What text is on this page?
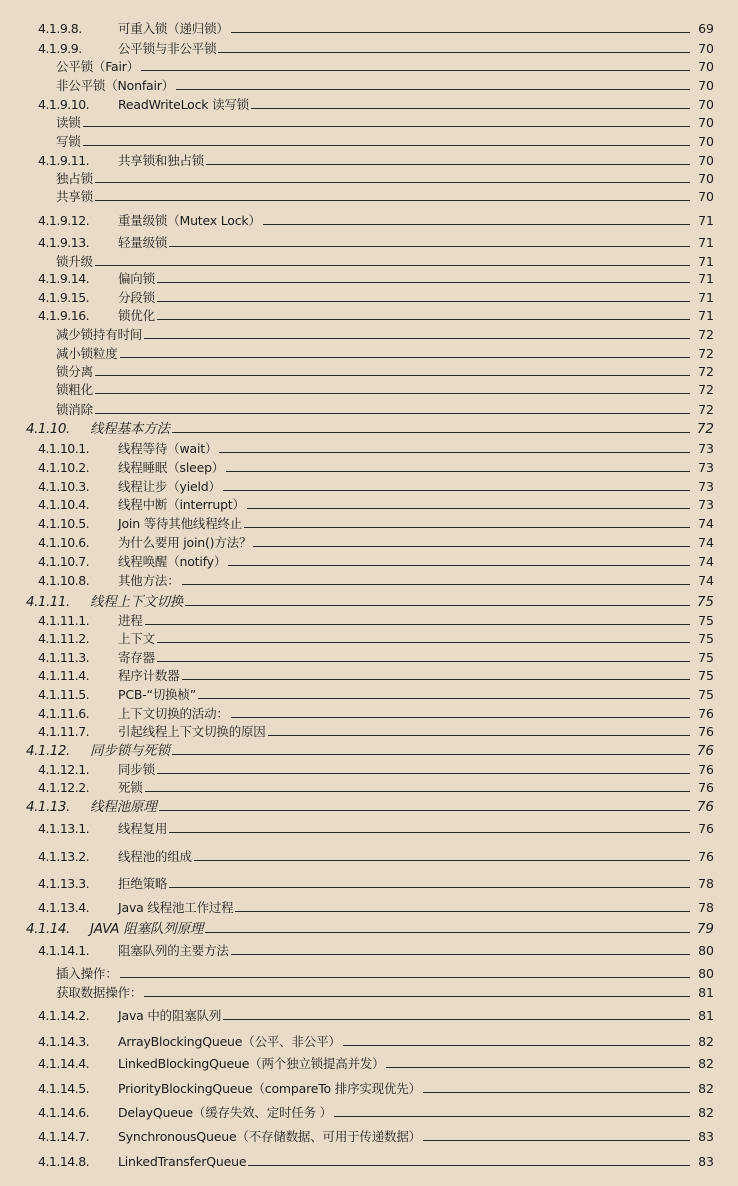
4.1.9.8.	可重入锁（递归锁）	69
4.1.9.9.	公平锁与非公平锁	70
公平锁（Fair）	70
非公平锁（Nonfair）	70
4.1.9.10.	ReadWriteLock 读写锁	70
读锁	70
写锁	70
4.1.9.11.	共享锁和独占锁	70
独占锁	70
共享锁	70
4.1.9.12.	重量级锁（Mutex Lock）	71
4.1.9.13.	轻量级锁	71
锁升级	71
4.1.9.14.	偏向锁	71
4.1.9.15.	分段锁	71
4.1.9.16.	锁优化	71
减少锁持有时间	72
减小锁粒度	72
锁分离	72
锁粗化	72
锁消除	72
4.1.10.	线程基本方法	72
4.1.10.1.	线程等待（wait）	73
4.1.10.2.	线程睡眠（sleep）	73
4.1.10.3.	线程让步（yield）	73
4.1.10.4.	线程中断（interrupt）	73
4.1.10.5.	Join 等待其他线程终止	74
4.1.10.6.	为什么要用 join()方法？	74
4.1.10.7.	线程唤醒（notify）	74
4.1.10.8.	其他方法：	74
4.1.11.	线程上下文切换	75
4.1.11.1.	进程	75
4.1.11.2.	上下文	75
4.1.11.3.	寄存器	75
4.1.11.4.	程序计数器	75
4.1.11.5.	PCB-“切换桢”	75
4.1.11.6.	上下文切换的活动：	76
4.1.11.7.	引起线程上下文切换的原因	76
4.1.12.	同步锁与死锁	76
4.1.12.1.	同步锁	76
4.1.12.2.	死锁	76
4.1.13.	线程池原理	76
4.1.13.1.	线程复用	76
4.1.13.2.	线程池的组成	76
4.1.13.3.	拒绝策略	78
4.1.13.4.	Java 线程池工作过程	78
4.1.14.	JAVA 阻塞队列原理	79
4.1.14.1.	阻塞队列的主要方法	80
插入操作：	80
获取数据操作：	81
4.1.14.2.	Java 中的阻塞队列	81
4.1.14.3.	ArrayBlockingQueue（公平、非公平）	82
4.1.14.4.	LinkedBlockingQueue（两个独立锁提高并发）	82
4.1.14.5.	PriorityBlockingQueue（compareTo 排序实现优先）	82
4.1.14.6.	DelayQueue（缓存失效、定时任务 ）	82
4.1.14.7.	SynchronousQueue（不存储数据、可用于传递数据）	83
4.1.14.8.	LinkedTransferQueue	83
